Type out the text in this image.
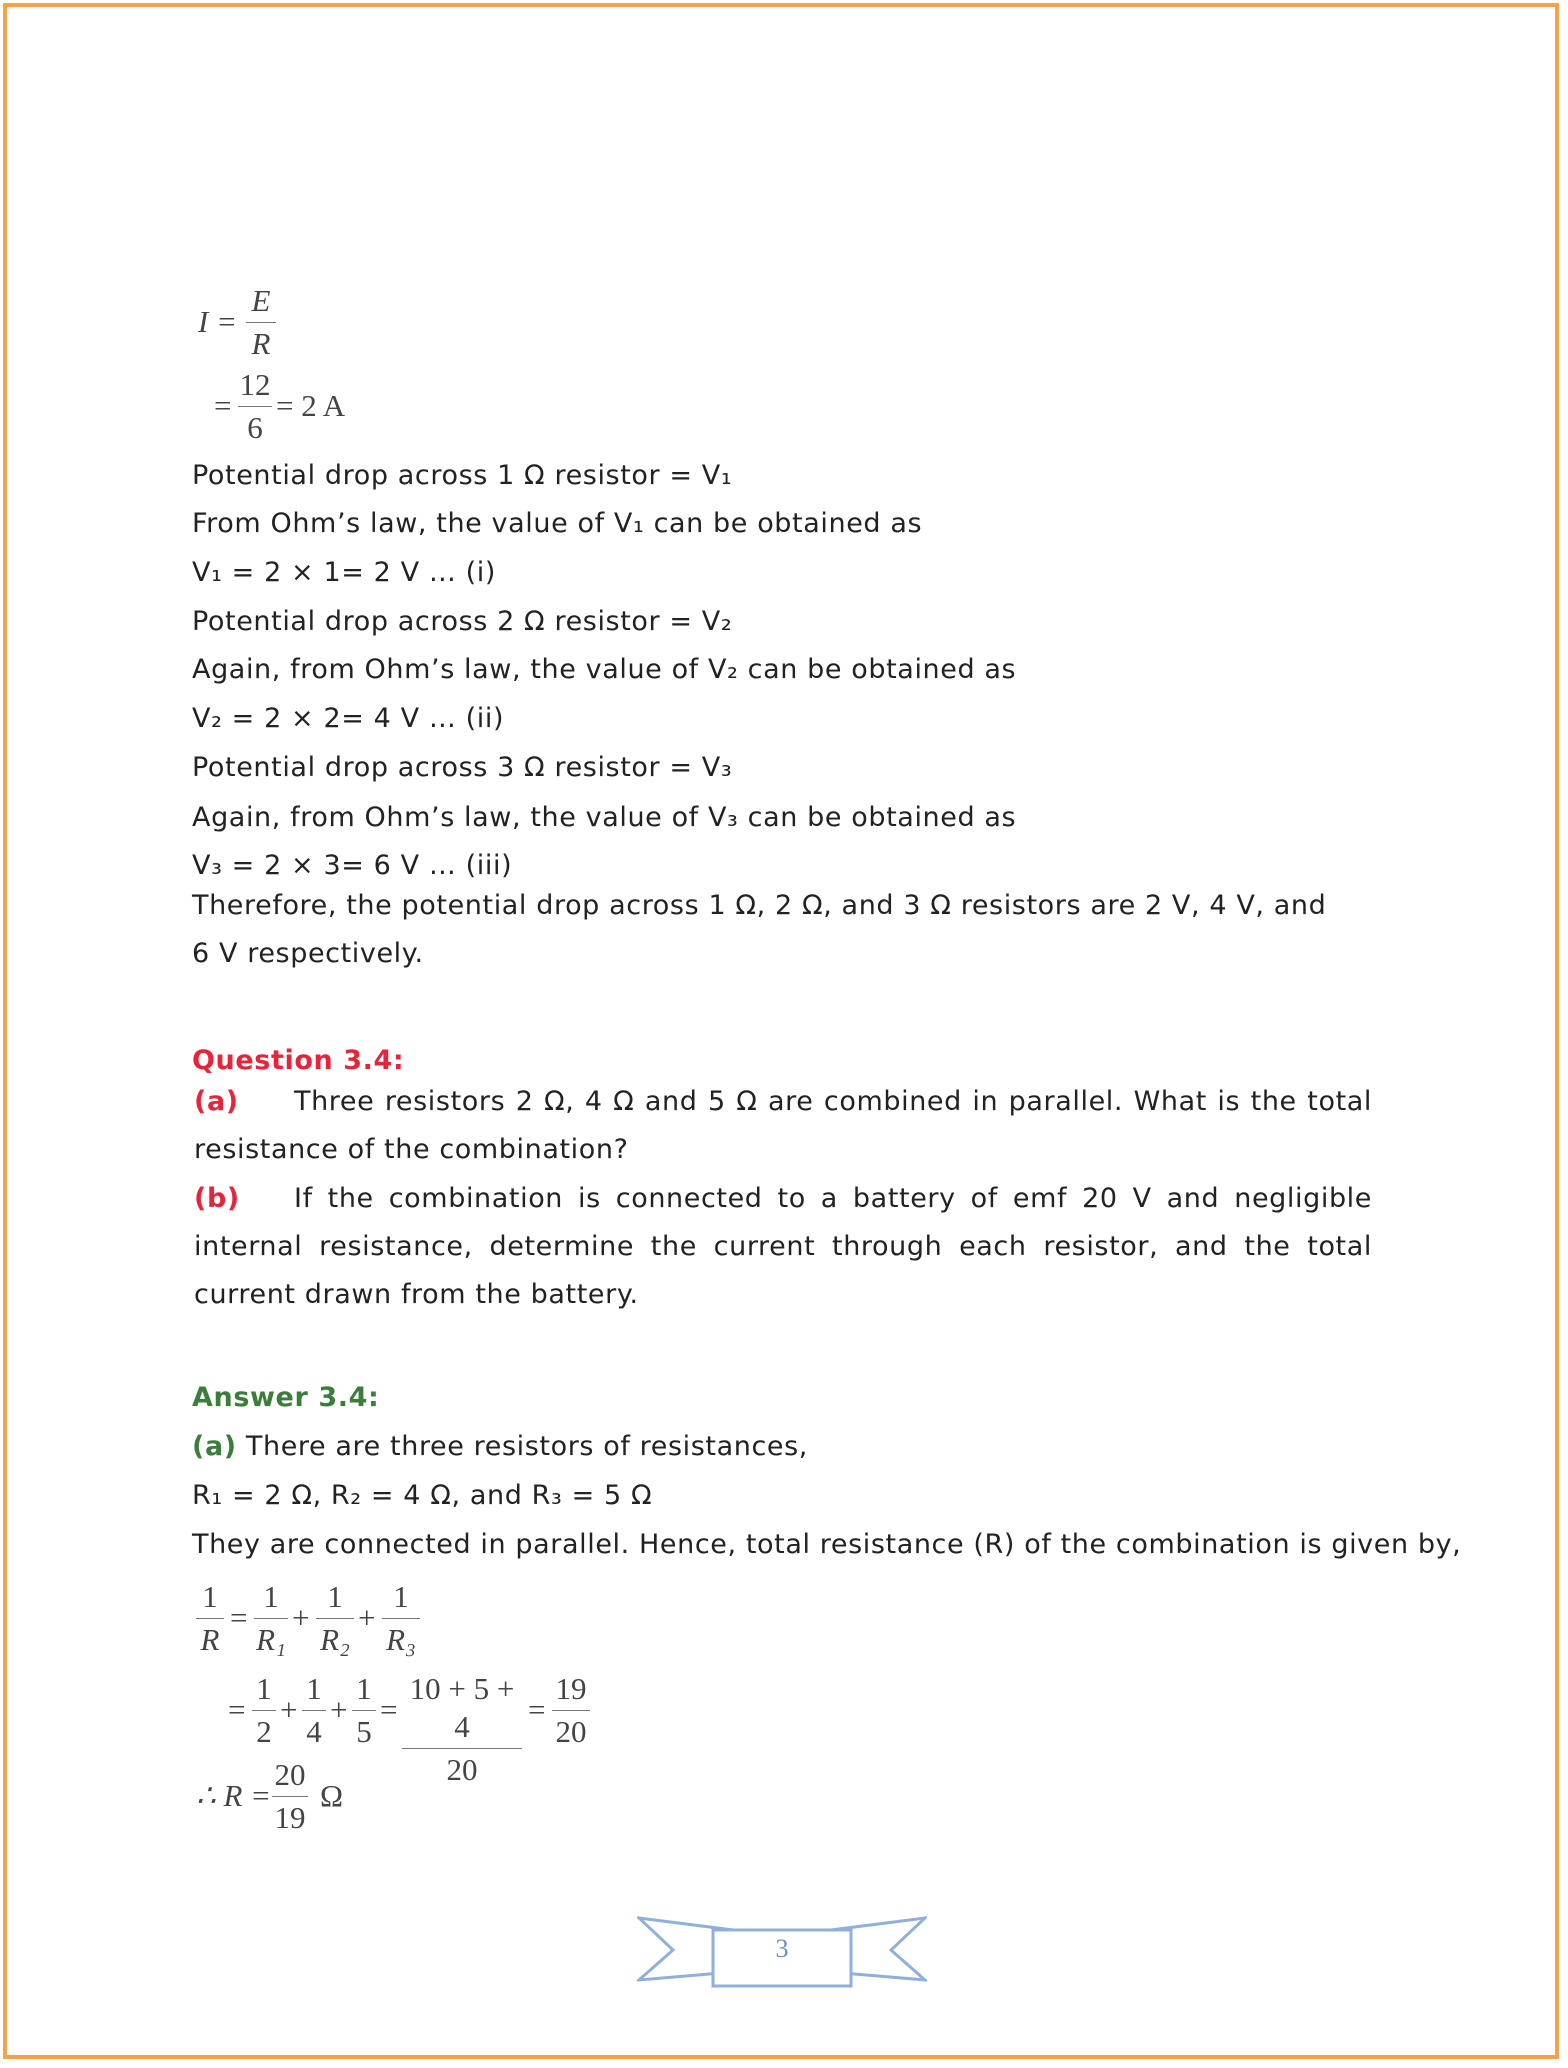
I =
E
R
=
12
6
= 2 A
Potential drop across 1 Ω resistor = V₁
From Ohm’s law, the value of V₁ can be obtained as
V₁ = 2 × 1= 2 V … (i)
Potential drop across 2 Ω resistor = V₂
Again, from Ohm’s law, the value of V₂ can be obtained as
V₂ = 2 × 2= 4 V … (ii)
Potential drop across 3 Ω resistor = V₃
Again, from Ohm’s law, the value of V₃ can be obtained as
V₃ = 2 × 3= 6 V … (iii)
Therefore, the potential drop across 1 Ω, 2 Ω, and 3 Ω resistors are 2 V, 4 V, and 6 V respectively.
Question 3.4:
(a) Three resistors 2 Ω, 4 Ω and 5 Ω are combined in parallel. What is the total resistance of the combination?
(b) If the combination is connected to a battery of emf 20 V and negligible internal resistance, determine the current through each resistor, and the total current drawn from the battery.
Answer 3.4:
(a) There are three resistors of resistances,
R₁ = 2 Ω, R₂ = 4 Ω, and R₃ = 5 Ω
They are connected in parallel. Hence, total resistance (R) of the combination is given by,
1
R
=
1
R₁
+
1
R₂
+
1
R₃
=
1
2
+
1
4
+
1
5
=
10 + 5 + 4
20
=
19
20
∴ R =
20
19
Ω
3
